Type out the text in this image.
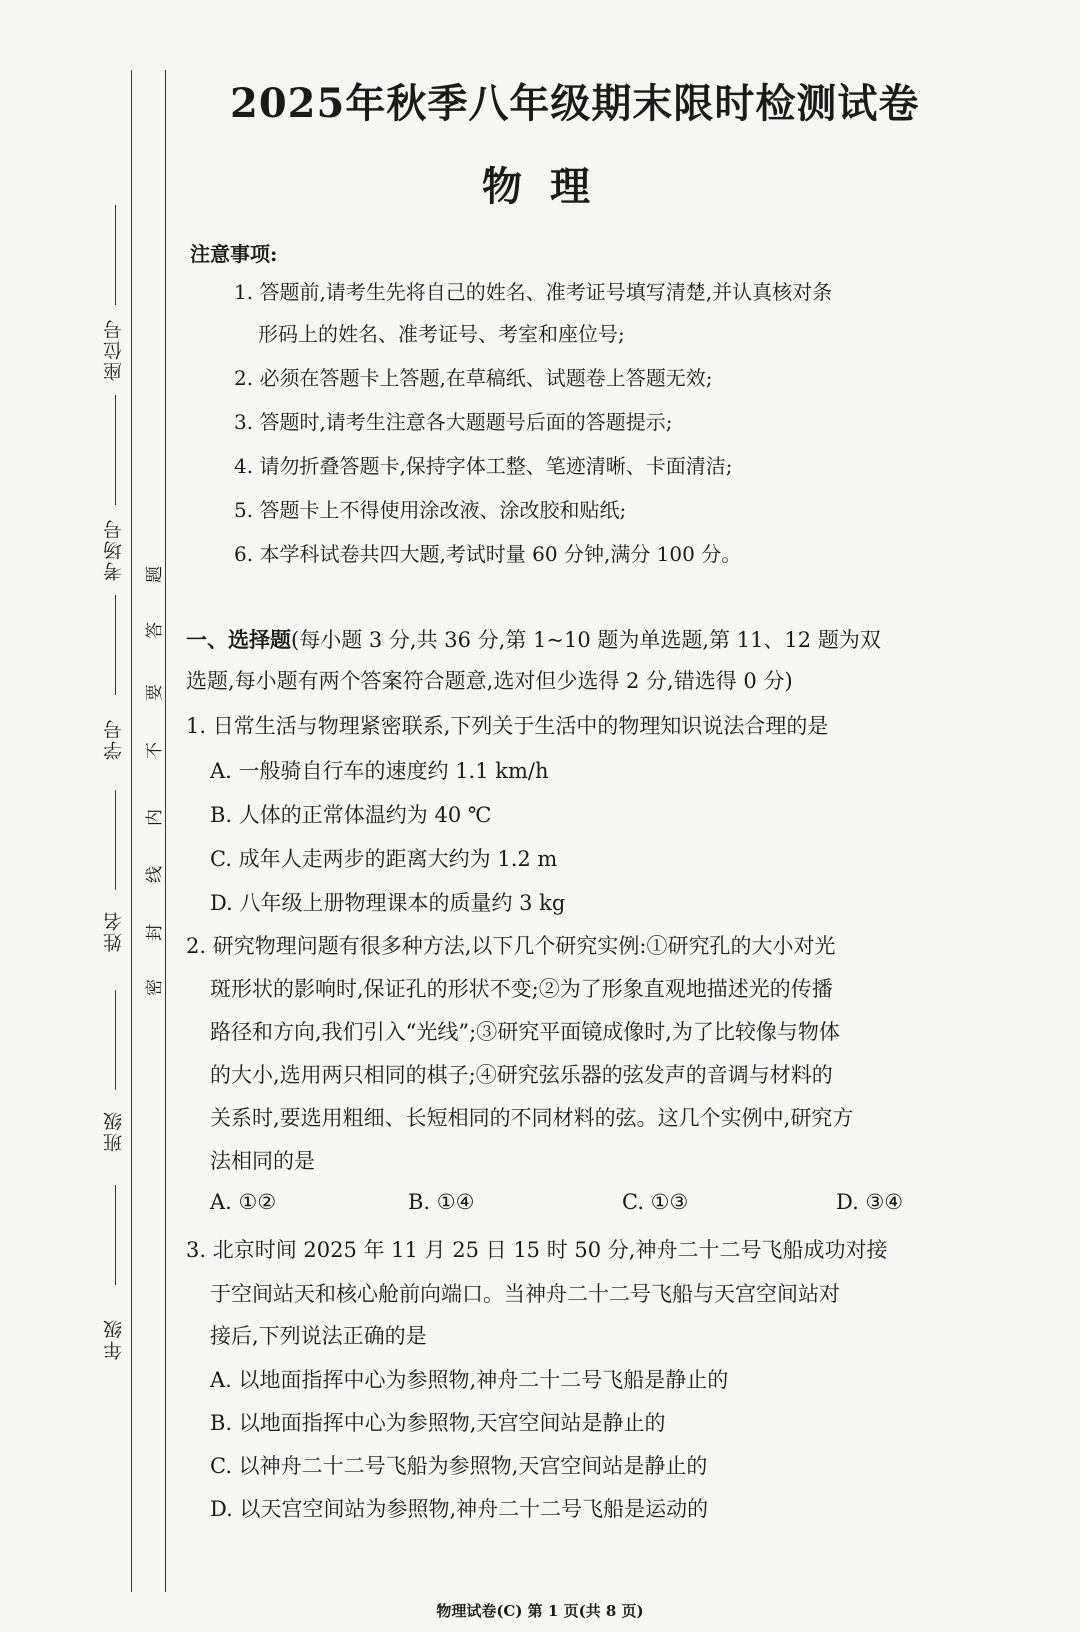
座位号
考场号
学号
姓名
班级
年级
题
答
要
不
内
线
封
密
2025年秋季八年级期末限时检测试卷
物理
注意事项:
1. 答题前,请考生先将自己的姓名、准考证号填写清楚,并认真核对条
形码上的姓名、准考证号、考室和座位号;
2. 必须在答题卡上答题,在草稿纸、试题卷上答题无效;
3. 答题时,请考生注意各大题题号后面的答题提示;
4. 请勿折叠答题卡,保持字体工整、笔迹清晰、卡面清洁;
5. 答题卡上不得使用涂改液、涂改胶和贴纸;
6. 本学科试卷共四大题,考试时量 60 分钟,满分 100 分。
一、选择题(每小题 3 分,共 36 分,第 1~10 题为单选题,第 11、12 题为双
选题,每小题有两个答案符合题意,选对但少选得 2 分,错选得 0 分)
1. 日常生活与物理紧密联系,下列关于生活中的物理知识说法合理的是
A. 一般骑自行车的速度约 1.1 km/h
B. 人体的正常体温约为 40 ℃
C. 成年人走两步的距离大约为 1.2 m
D. 八年级上册物理课本的质量约 3 kg
2. 研究物理问题有很多种方法,以下几个研究实例:①研究孔的大小对光
斑形状的影响时,保证孔的形状不变;②为了形象直观地描述光的传播
路径和方向,我们引入“光线”;③研究平面镜成像时,为了比较像与物体
的大小,选用两只相同的棋子;④研究弦乐器的弦发声的音调与材料的
关系时,要选用粗细、长短相同的不同材料的弦。这几个实例中,研究方
法相同的是
A. ①②	B. ①④	C. ①③	D. ③④
3. 北京时间 2025 年 11 月 25 日 15 时 50 分,神舟二十二号飞船成功对接
于空间站天和核心舱前向端口。当神舟二十二号飞船与天宫空间站对
接后,下列说法正确的是
A. 以地面指挥中心为参照物,神舟二十二号飞船是静止的
B. 以地面指挥中心为参照物,天宫空间站是静止的
C. 以神舟二十二号飞船为参照物,天宫空间站是静止的
D. 以天宫空间站为参照物,神舟二十二号飞船是运动的
物理试卷(C) 第 1 页(共 8 页)
